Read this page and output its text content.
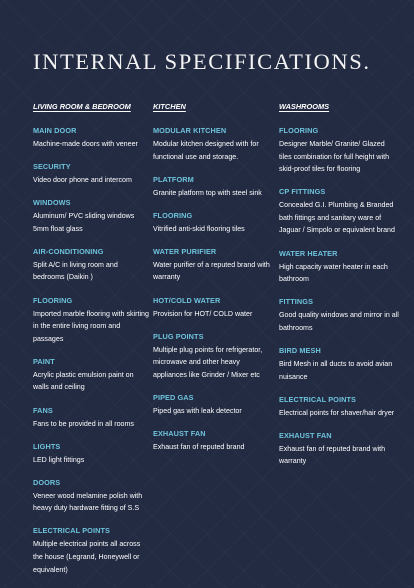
INTERNAL SPECIFICATIONS.
LIVING ROOM & BEDROOM
MAIN DOOR
Machine-made doors with veneer
SECURITY
Video door phone and intercom
WINDOWS
Aluminum/ PVC sliding windows 5mm float glass
AIR-CONDITIONING
Split A/C in living room and bedrooms (Daikin )
FLOORING
Imported marble flooring with skirting in the entire living room and passages
PAINT
Acrylic plastic emulsion paint on walls and ceiling
FANS
Fans to be provided in all rooms
LIGHTS
LED light fittings
DOORS
Veneer wood melamine polish with heavy duty hardware fitting of S.S
ELECTRICAL POINTS
Multiple electrical points all across the house (Legrand, Honeywell or equivalent)
KITCHEN
MODULAR KITCHEN
Modular kitchen designed with for functional use and storage.
PLATFORM
Granite platform top with steel sink
FLOORING
Vitrified anti-skid flooring tiles
WATER PURIFIER
Water purifier of a reputed brand with warranty
HOT/COLD WATER
Provision for HOT/ COLD water
PLUG POINTS
Multiple plug points for refrigerator, microwave and other heavy appliances like Grinder / Mixer etc
PIPED GAS
Piped gas with leak detector
EXHAUST FAN
Exhaust fan of reputed brand
WASHROOMS
FLOORING
Designer Marble/ Granite/ Glazed tiles combination for full height with skid-proof tiles for flooring
CP FITTINGS
Concealed G.I. Plumbing & Branded bath fittings and sanitary ware of Jaguar / Simpolo or equivalent brand
WATER HEATER
High capacity water heater in each bathroom
FITTINGS
Good quality windows and mirror in all bathrooms
BIRD MESH
Bird Mesh in all ducts to avoid avian nuisance
ELECTRICAL POINTS
Electrical points for shaver/hair dryer
EXHAUST FAN
Exhaust fan of reputed brand with warranty
